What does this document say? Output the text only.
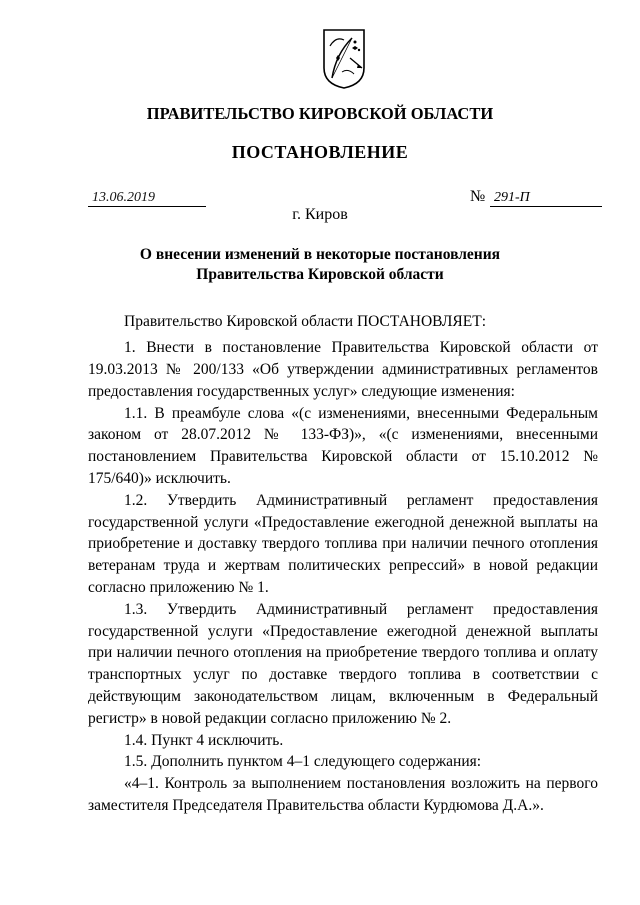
ПРАВИТЕЛЬСТВО КИРОВСКОЙ ОБЛАСТИ
ПОСТАНОВЛЕНИЕ
13.06.2019	№ 291-П
г. Киров
О внесении изменений в некоторые постановления
Правительства Кировской области

Правительство Кировской области ПОСТАНОВЛЯЕТ:

1. Внести в постановление Правительства Кировской области от 19.03.2013 № 200/133 «Об утверждении административных регламентов предоставления государственных услуг» следующие изменения:

1.1. В преамбуле слова «(с изменениями, внесенными Федеральным законом от 28.07.2012 № 133-ФЗ)», «(с изменениями, внесенными постановлением Правительства Кировской области от 15.10.2012 № 175/640)» исключить.

1.2. Утвердить Административный регламент предоставления государственной услуги «Предоставление ежегодной денежной выплаты на приобретение и доставку твердого топлива при наличии печного отопления ветеранам труда и жертвам политических репрессий» в новой редакции согласно приложению № 1.

1.3. Утвердить Административный регламент предоставления государственной услуги «Предоставление ежегодной денежной выплаты при наличии печного отопления на приобретение твердого топлива и оплату транспортных услуг по доставке твердого топлива в соответствии с действующим законодательством лицам, включенным в Федеральный регистр» в новой редакции согласно приложению № 2.

1.4. Пункт 4 исключить.

1.5. Дополнить пунктом 4–1 следующего содержания:

«4–1. Контроль за выполнением постановления возложить на первого заместителя Председателя Правительства области Курдюмова Д.А.».
